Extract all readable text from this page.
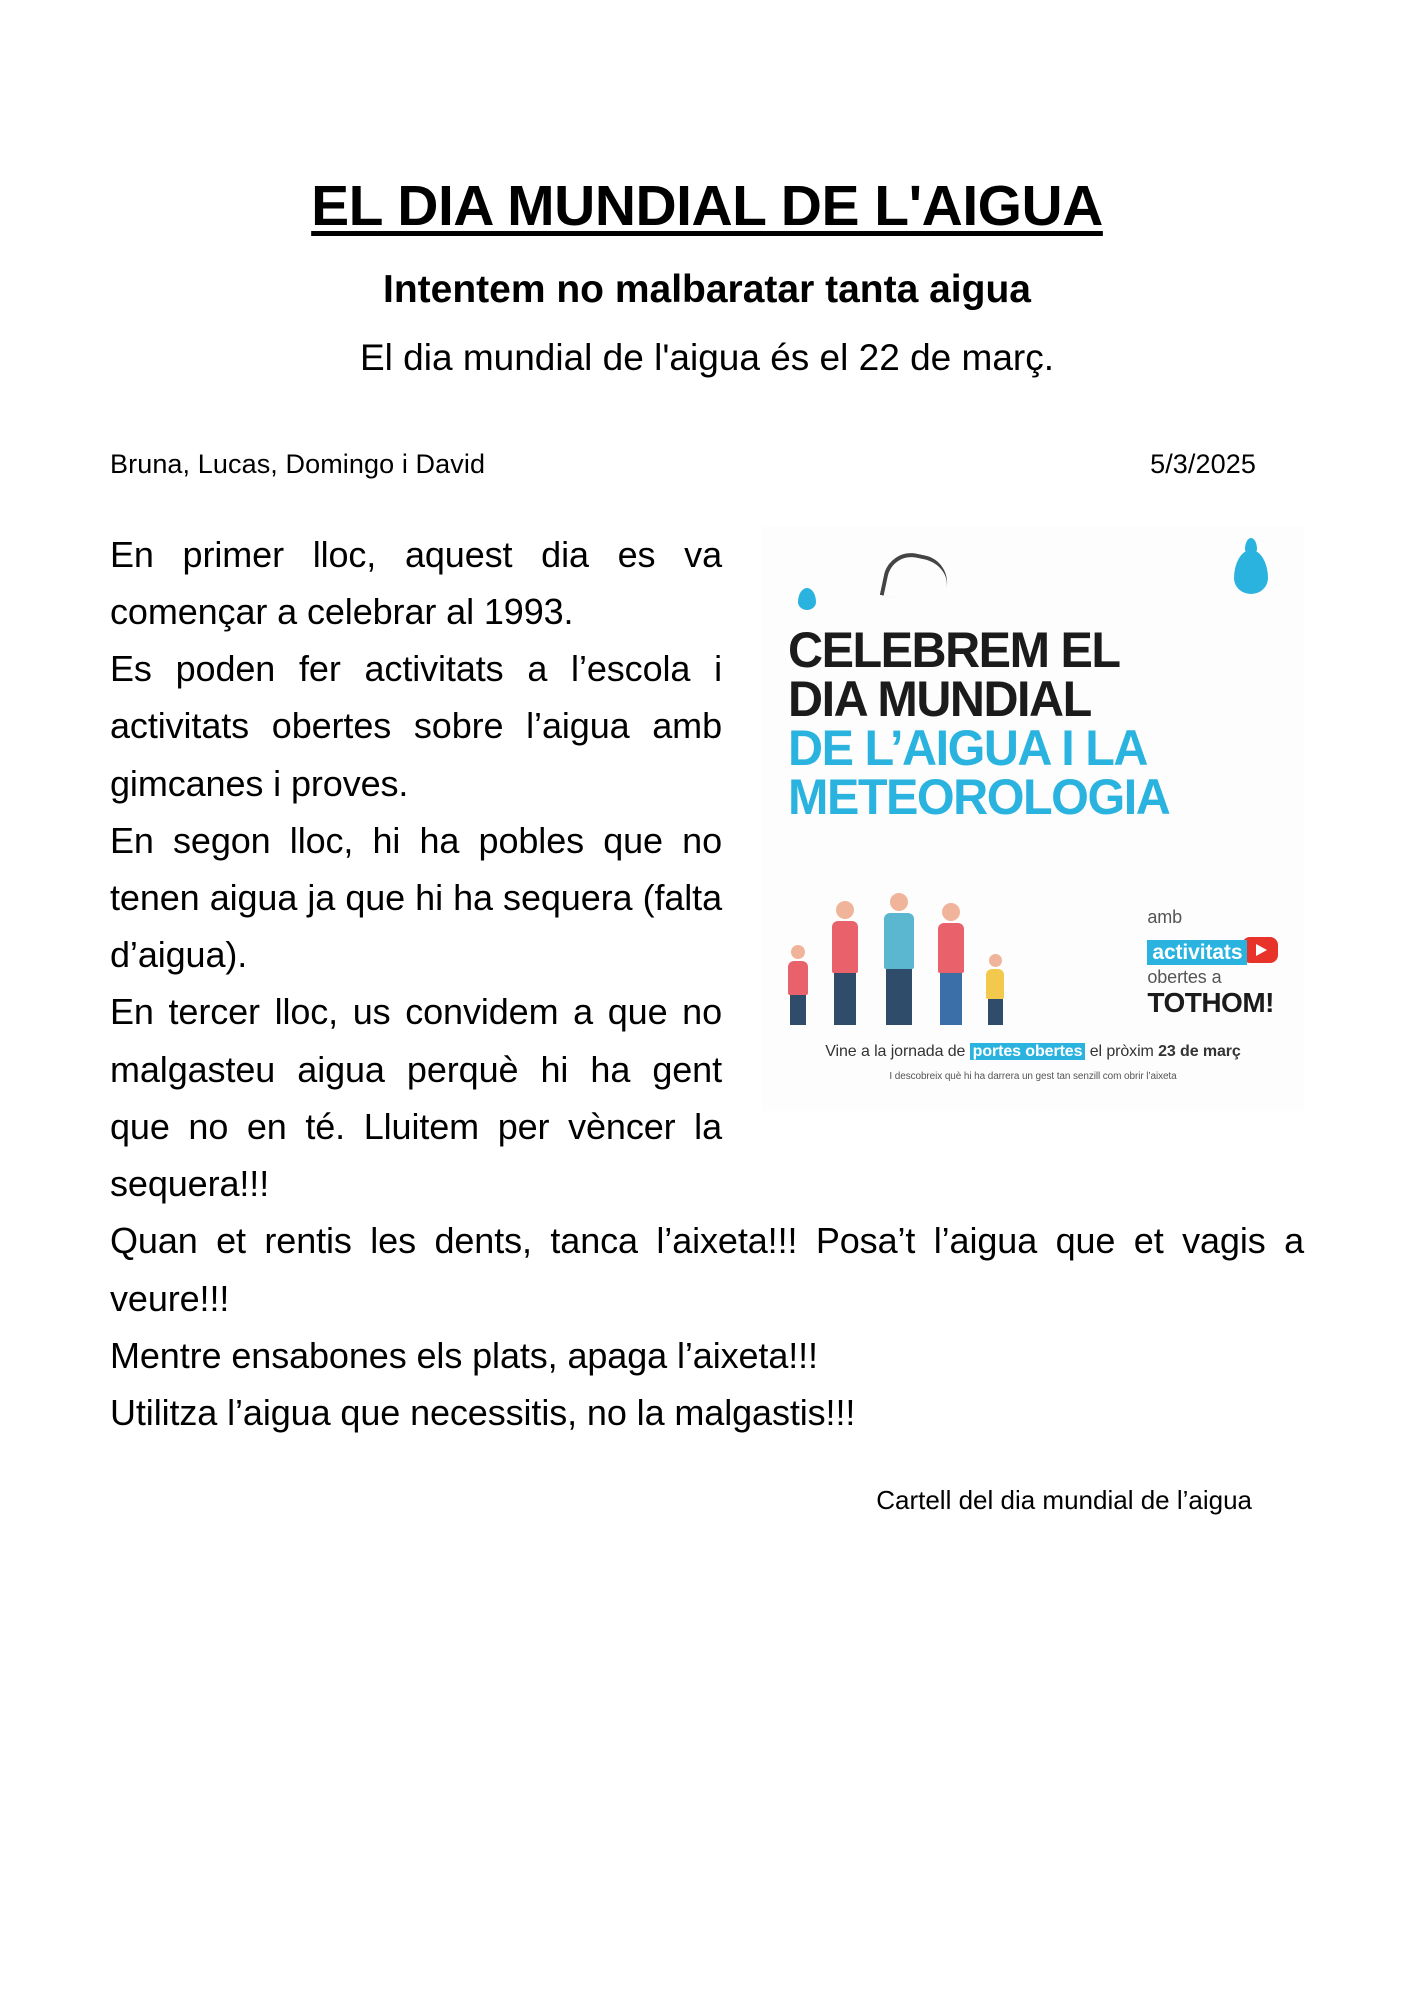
EL DIA MUNDIAL DE L'AIGUA
Intentem no malbaratar tanta aigua
El dia mundial de l'aigua és el 22 de març.
Bruna, Lucas, Domingo i David	5/3/2025
CELEBREM EL
DIA MUNDIAL
DE L’AIGUA I LA
METEOROLOGIA
amb
activitats
obertes a
TOTHOM!
Vine a la jornada de portes obertes el pròxim 23 de març
I descobreix què hi ha darrera un gest tan senzill com obrir l’aixeta

En primer lloc, aquest dia es va començar a celebrar al 1993.

Es poden fer activitats a l’escola i activitats obertes sobre l’aigua amb gimcanes i proves.

En segon lloc, hi ha pobles que no tenen aigua ja que hi ha sequera (falta d’aigua).

En tercer lloc, us convidem a que no malgasteu aigua perquè hi ha gent que no en té. Lluitem per vèncer la sequera!!!

Quan et rentis les dents, tanca l’aixeta!!! Posa’t l’aigua que et vagis a veure!!!

Mentre ensabones els plats, apaga l’aixeta!!!

Utilitza l’aigua que necessitis, no la malgastis!!!

Cartell del dia mundial de l’aigua
